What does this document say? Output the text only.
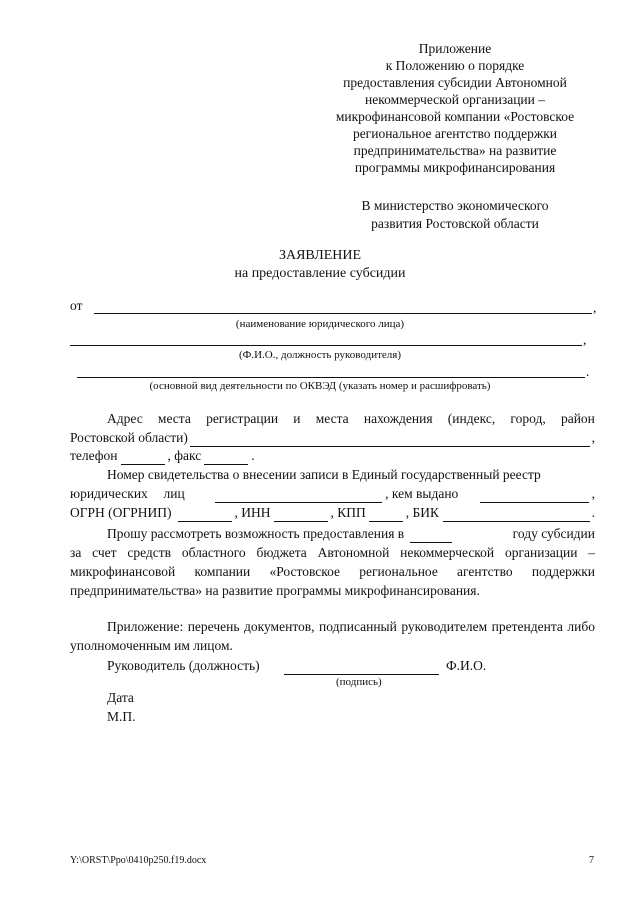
Приложение
к Положению о порядке
предоставления субсидии Автономной
некоммерческой организации –
микрофинансовой компании «Ростовское
региональное агентство поддержки
предпринимательства» на развитие
программы микрофинансирования
В министерство экономического
развития Ростовской области
ЗАЯВЛЕНИЕ
на предоставление субсидии
от	,
(наименование юридического лица)
,
(Ф.И.О., должность руководителя)
.
(основной вид деятельности по ОКВЭД (указать номер и расшифровать)
Адрес места регистрации и места нахождения (индекс, город, район
Ростовской области)	,
телефон	, факс	.
Номер свидетельства о внесении записи в Единый государственный реестр
юридических лиц	, кем выдано	,
ОГРН (ОГРНИП)	, ИНН	, КПП	, БИК	.
Прошу рассмотреть возможность предоставления в	году субсидии
за счет средств областного бюджета Автономной некоммерческой организации – микрофинансовой компании «Ростовское региональное агентство поддержки предпринимательства» на развитие программы микрофинансирования.
Приложение: перечень документов, подписанный руководителем претендента либо уполномоченным им лицом.
Руководитель (должность)	Ф.И.О.
(подпись)
Дата
М.П.
Y:\ORST\Ppo\0410p250.f19.docx	7
